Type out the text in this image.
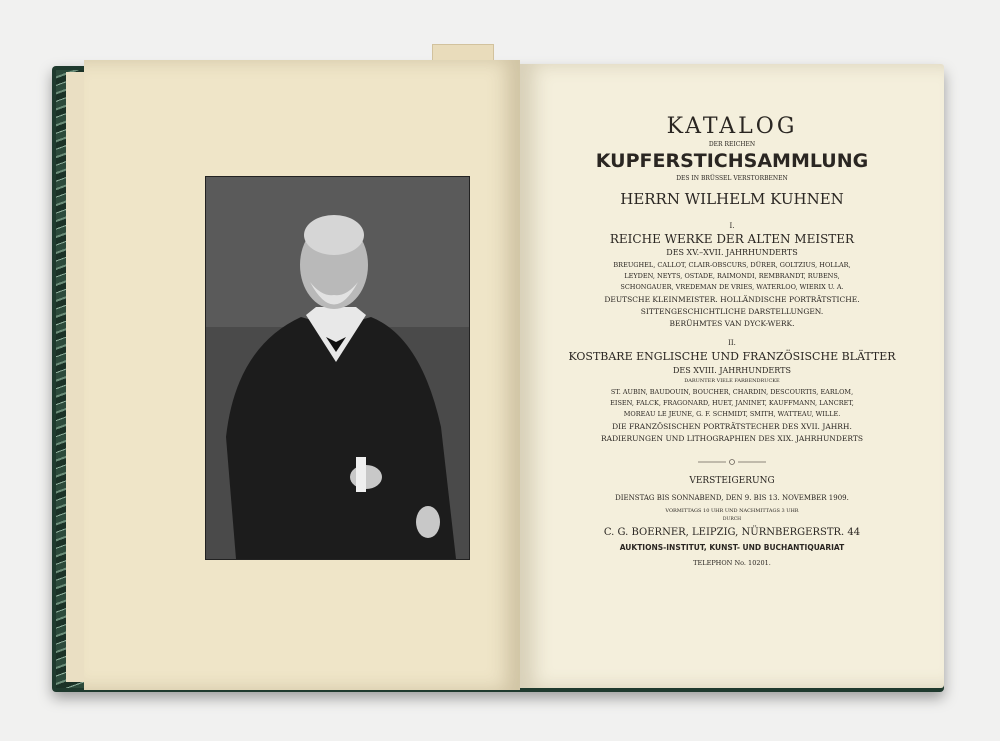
KATALOG
DER REICHEN
KUPFERSTICHSAMMLUNG
DES IN BRÜSSEL VERSTORBENEN
HERRN WILHELM KUHNEN
I.
REICHE WERKE DER ALTEN MEISTER
DES XV.–XVII. JAHRHUNDERTS
BREUGHEL, CALLOT, CLAIR-OBSCURS, DÜRER, GOLTZIUS, HOLLAR,
LEYDEN, NEYTS, OSTADE, RAIMONDI, REMBRANDT, RUBENS,
SCHONGAUER, VREDEMAN DE VRIES, WATERLOO, WIERIX U. A.
DEUTSCHE KLEINMEISTER. HOLLÄNDISCHE PORTRÄTSTICHE.
SITTENGESCHICHTLICHE DARSTELLUNGEN.
BERÜHMTES VAN DYCK-WERK.
II.
KOSTBARE ENGLISCHE UND FRANZÖSISCHE BLÄTTER
DES XVIII. JAHRHUNDERTS
DARUNTER VIELE FARBENDRUCKE
ST. AUBIN, BAUDOUIN, BOUCHER, CHARDIN, DESCOURTIS, EARLOM,
EISEN, FALCK, FRAGONARD, HUET, JANINET, KAUFFMANN, LANCRET,
MOREAU LE JEUNE, G. F. SCHMIDT, SMITH, WATTEAU, WILLE.
DIE FRANZÖSISCHEN PORTRÄTSTECHER DES XVII. JAHRH.
RADIERUNGEN UND LITHOGRAPHIEN DES XIX. JAHRHUNDERTS
VERSTEIGERUNG
DIENSTAG BIS SONNABEND, DEN 9. BIS 13. NOVEMBER 1909.
VORMITTAGS 10 UHR UND NACHMITTAGS 3 UHR
DURCH
C. G. BOERNER, LEIPZIG, NÜRNBERGERSTR. 44
AUKTIONS-INSTITUT, KUNST- UND BUCHANTIQUARIAT
TELEPHON No. 10201.
